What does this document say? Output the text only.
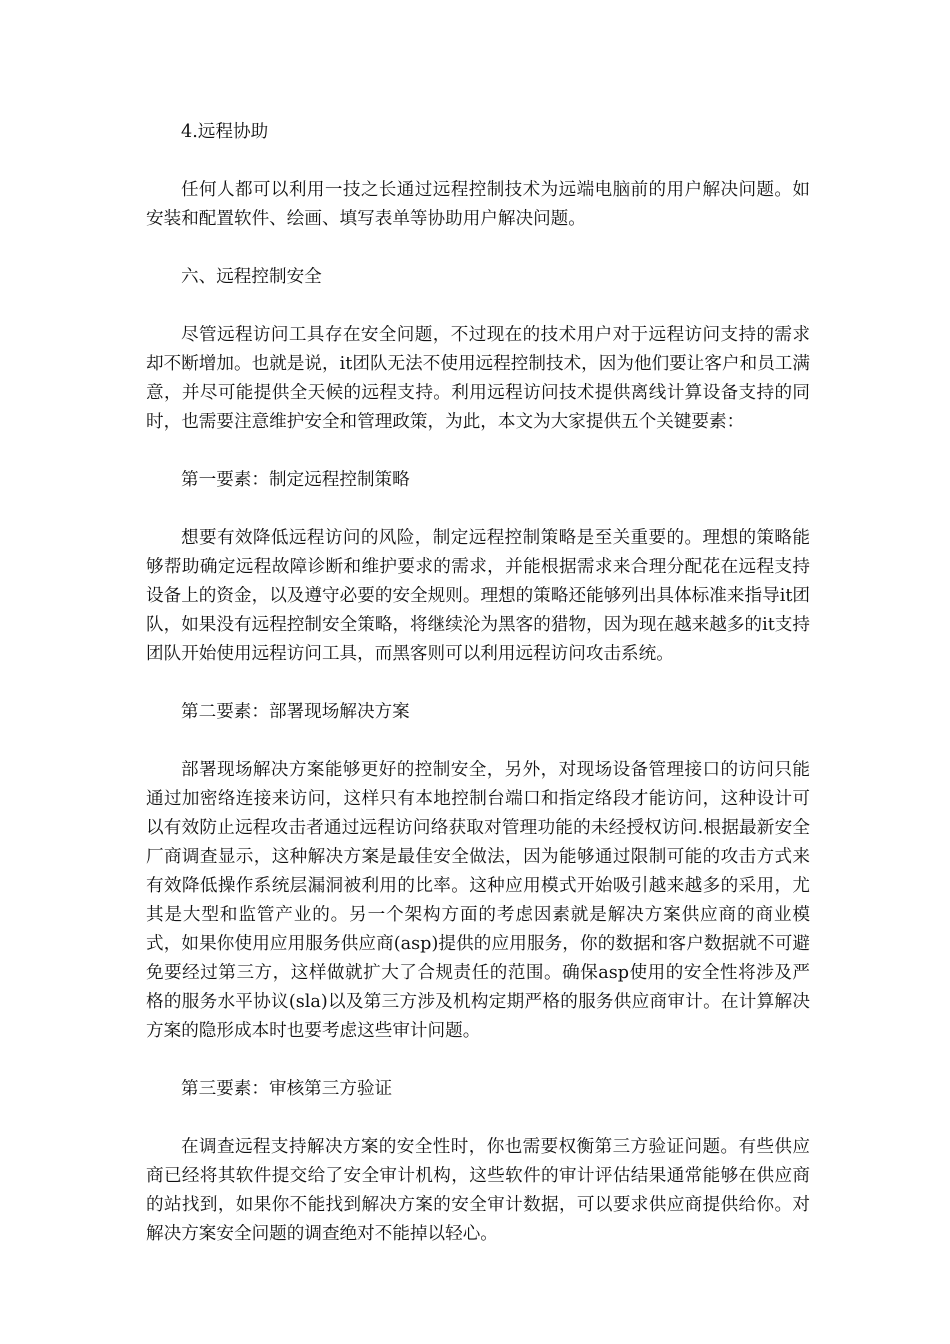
4.远程协助

任何人都可以利用一技之长通过远程控制技术为远端电脑前的用户解决问题。如安装和配置软件、绘画、填写表单等协助用户解决问题。

六、远程控制安全

尽管远程访问工具存在安全问题，不过现在的技术用户对于远程访问支持的需求却不断增加。也就是说，it团队无法不使用远程控制技术，因为他们要让客户和员工满意，并尽可能提供全天候的远程支持。利用远程访问技术提供离线计算设备支持的同时，也需要注意维护安全和管理政策，为此，本文为大家提供五个关键要素：

第一要素：制定远程控制策略

想要有效降低远程访问的风险，制定远程控制策略是至关重要的。理想的策略能够帮助确定远程故障诊断和维护要求的需求，并能根据需求来合理分配花在远程支持设备上的资金，以及遵守必要的安全规则。理想的策略还能够列出具体标准来指导it团队，如果没有远程控制安全策略，将继续沦为黑客的猎物，因为现在越来越多的it支持团队开始使用远程访问工具，而黑客则可以利用远程访问攻击系统。

第二要素：部署现场解决方案

部署现场解决方案能够更好的控制安全，另外，对现场设备管理接口的访问只能通过加密络连接来访问，这样只有本地控制台端口和指定络段才能访问，这种设计可以有效防止远程攻击者通过远程访问络获取对管理功能的未经授权访问.根据最新安全厂商调查显示，这种解决方案是最佳安全做法，因为能够通过限制可能的攻击方式来有效降低操作系统层漏洞被利用的比率。这种应用模式开始吸引越来越多的采用，尤其是大型和监管产业的。另一个架构方面的考虑因素就是解决方案供应商的商业模式，如果你使用应用服务供应商(asp)提供的应用服务，你的数据和客户数据就不可避免要经过第三方，这样做就扩大了合规责任的范围。确保asp使用的安全性将涉及严格的服务水平协议(sla)以及第三方涉及机构定期严格的服务供应商审计。在计算解决方案的隐形成本时也要考虑这些审计问题。

第三要素：审核第三方验证

在调查远程支持解决方案的安全性时，你也需要权衡第三方验证问题。有些供应商已经将其软件提交给了安全审计机构，这些软件的审计评估结果通常能够在供应商的站找到，如果你不能找到解决方案的安全审计数据，可以要求供应商提供给你。对解决方案安全问题的调查绝对不能掉以轻心。
